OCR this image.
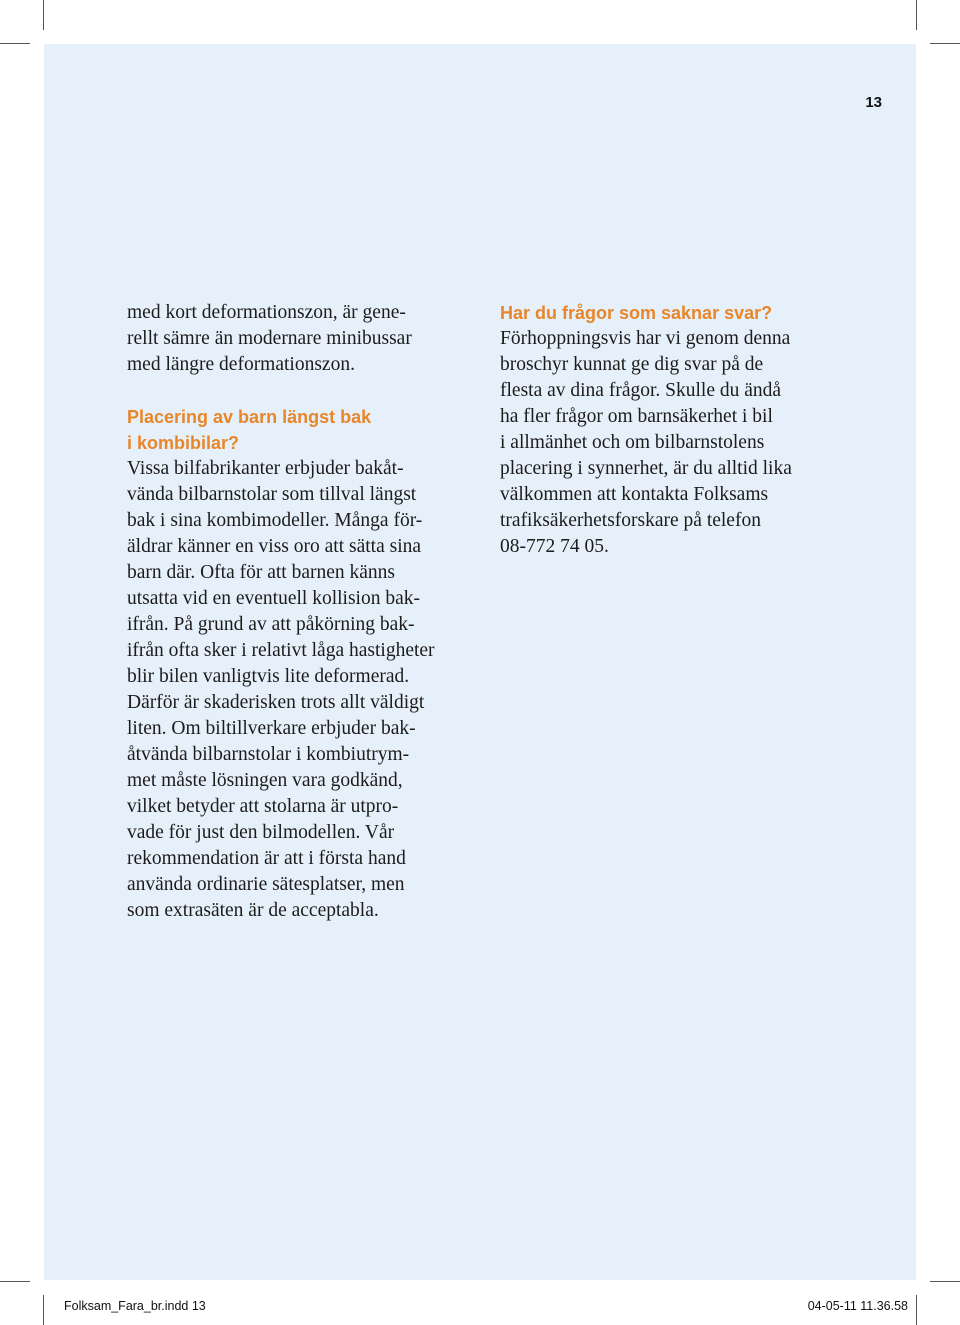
13
med kort deformationszon, är gene-
rellt sämre än modernare minibussar
med längre deformationszon.
Placering av barn längst bak
i kombibilar?
Vissa bilfabrikanter erbjuder bakåt-
vända bilbarnstolar som tillval längst
bak i sina kombimodeller. Många för-
äldrar känner en viss oro att sätta sina
barn där. Ofta för att barnen känns
utsatta vid en eventuell kollision bak-
ifrån. På grund av att påkörning bak-
ifrån ofta sker i relativt låga hastigheter
blir bilen vanligtvis lite deformerad.
Därför är skaderisken trots allt väldigt
liten. Om biltillverkare erbjuder bak-
åtvända bilbarnstolar i kombiutrym-
met måste lösningen vara godkänd,
vilket betyder att stolarna är utpro-
vade för just den bilmodellen. Vår
rekommendation är att i första hand
använda ordinarie sätesplatser, men
som extrasäten är de acceptabla.
Har du frågor som saknar svar?
Förhoppningsvis har vi genom denna
broschyr kunnat ge dig svar på de
flesta av dina frågor. Skulle du ändå
ha fler frågor om barnsäkerhet i bil
i allmänhet och om bilbarnstolens
placering i synnerhet, är du alltid lika
välkommen att kontakta Folksams
trafiksäkerhetsforskare på telefon
08-772 74 05.
Folksam_Fara_br.indd 13	04-05-11 11.36.58
